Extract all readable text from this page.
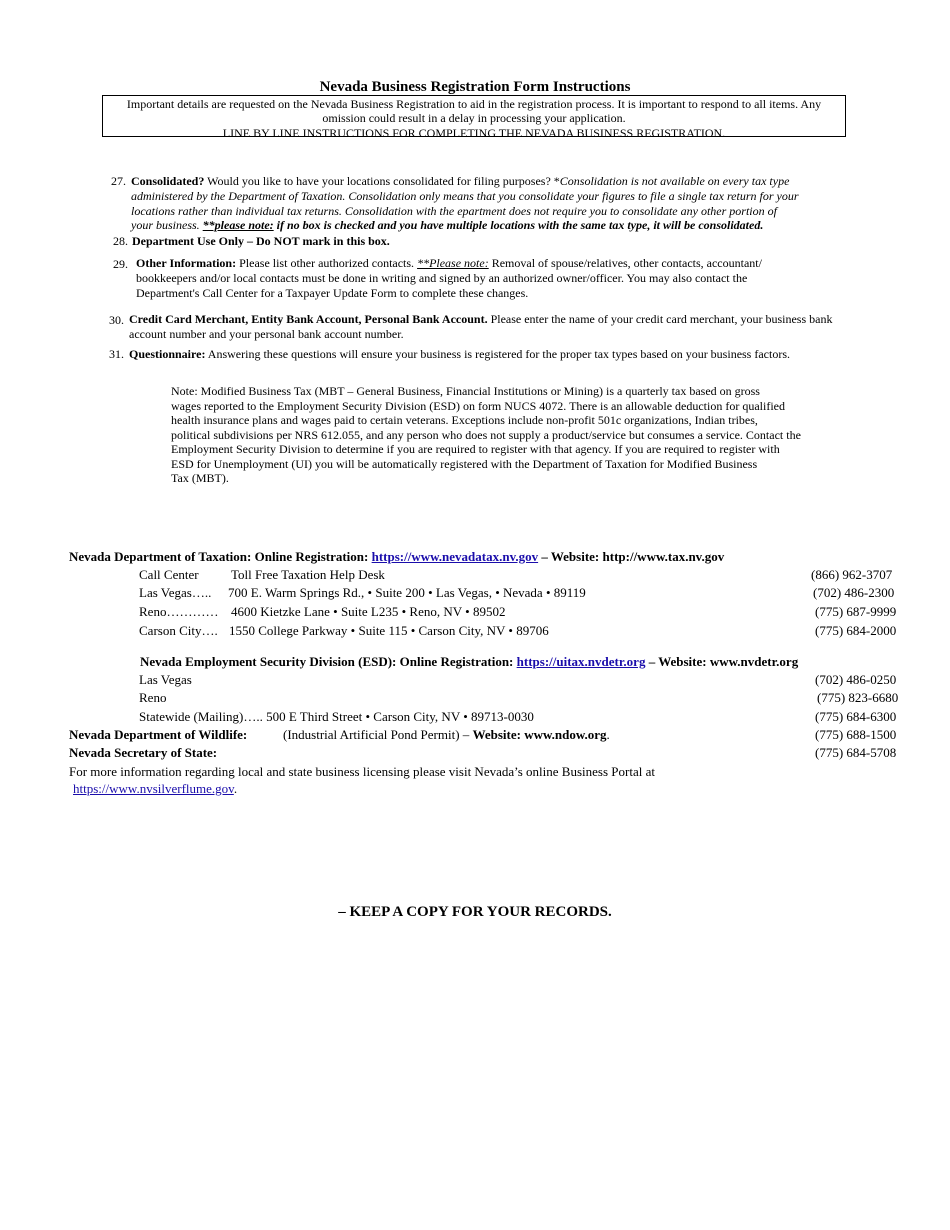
Nevada Business Registration Form Instructions
Important details are requested on the Nevada Business Registration to aid in the registration process. It is important to respond to all items. Any
omission could result in a delay in processing your application.
LINE BY LINE INSTRUCTIONS FOR COMPLETING THE NEVADA BUSINESS REGISTRATION.
27. Consolidated? Would you like to have your locations consolidated for filing purposes? *Consolidation is not available on every tax type
administered by the Department of Taxation. Consolidation only means that you consolidate your figures to file a single tax return for your
locations rather than individual tax returns. Consolidation with the epartment does not require you to consolidate any other portion of
your business. **please note: if no box is checked and you have multiple locations with the same tax type, it will be consolidated.
28. Department Use Only – Do NOT mark in this box.
29. Other Information: Please list other authorized contacts. **Please note: Removal of spouse/relatives, other contacts, accountant/
bookkeepers and/or local contacts must be done in writing and signed by an authorized owner/officer. You may also contact the
Department's Call Center for a Taxpayer Update Form to complete these changes.
30. Credit Card Merchant, Entity Bank Account, Personal Bank Account. Please enter the name of your credit card merchant, your business bank
account number and your personal bank account number.
31. Questionnaire: Answering these questions will ensure your business is registered for the proper tax types based on your business factors.
Note: Modified Business Tax (MBT – General Business, Financial Institutions or Mining) is a quarterly tax based on gross
wages reported to the Employment Security Division (ESD) on form NUCS 4072. There is an allowable deduction for qualified
health insurance plans and wages paid to certain veterans. Exceptions include non-profit 501c organizations, Indian tribes,
political subdivisions per NRS 612.055, and any person who does not supply a product/service but consumes a service. Contact the
Employment Security Division to determine if you are required to register with that agency. If you are required to register with
ESD for Unemployment (UI) you will be automatically registered with the Department of Taxation for Modified Business
Tax (MBT).
Nevada Department of Taxation: Online Registration: https://www.nevadatax.nv.gov – Website: http://www.tax.nv.gov
Call Center Toll Free Taxation Help Desk	(866) 962-3707
Las Vegas….. 700 E. Warm Springs Rd., • Suite 200 • Las Vegas, • Nevada • 89119	(702) 486-2300
Reno………… 4600 Kietzke Lane • Suite L235 • Reno, NV • 89502	(775) 687-9999
Carson City…. 1550 College Parkway • Suite 115 • Carson City, NV • 89706	(775) 684-2000
Nevada Employment Security Division (ESD): Online Registration: https://uitax.nvdetr.org – Website: www.nvdetr.org
Las Vegas	(702) 486-0250
Reno	(775) 823-6680
Statewide (Mailing)….. 500 E Third Street • Carson City, NV • 89713-0030	(775) 684-6300
Nevada Department of Wildlife:	(Industrial Artificial Pond Permit) – Website: www.ndow.org.	(775) 688-1500
Nevada Secretary of State:	(775) 684-5708
For more information regarding local and state business licensing please visit Nevada’s online Business Portal at
https://www.nvsilverflume.gov.
– KEEP A COPY FOR YOUR RECORDS.
